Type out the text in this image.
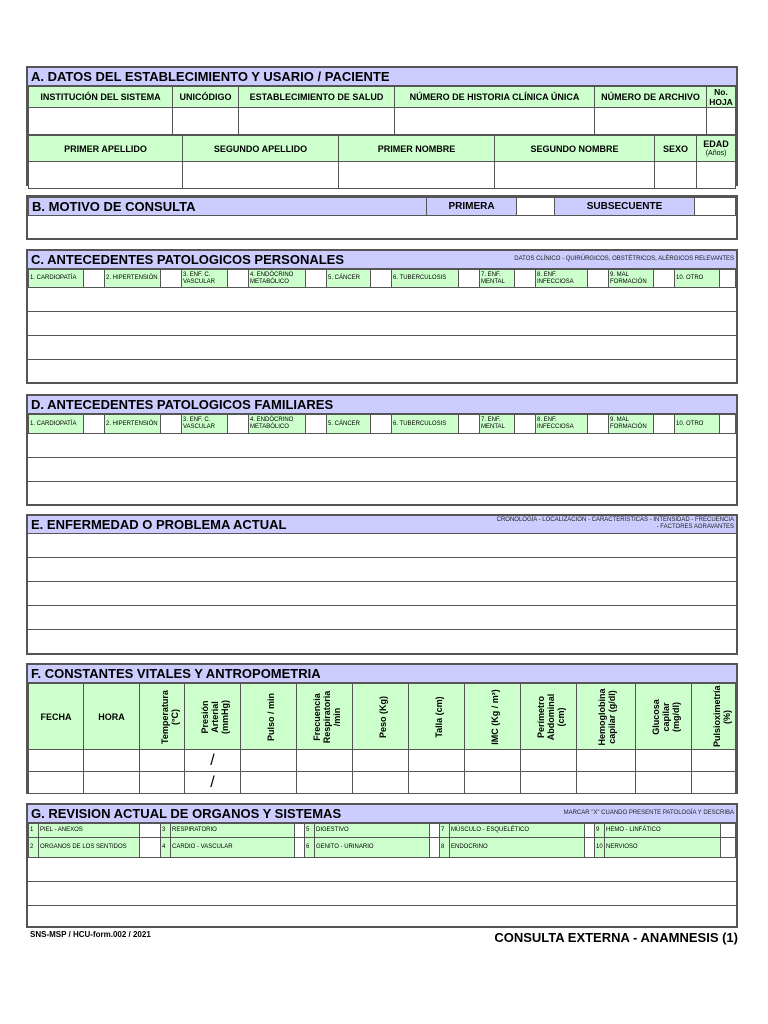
A. DATOS DEL ESTABLECIMIENTO Y USARIO / PACIENTE
INSTITUCIÓN DEL SISTEMA	UNICÓDIGO	ESTABLECIMIENTO DE SALUD	NÚMERO DE HISTORIA CLÍNICA ÚNICA	NÚMERO DE ARCHIVO	No. HOJA

PRIMER APELLIDO	SEGUNDO APELLIDO	PRIMER NOMBRE	SEGUNDO NOMBRE	SEXO	EDAD
(Años)

B. MOTIVO DE CONSULTA	PRIMERA		SUBSECUENTE	
C. ANTECEDENTES PATOLOGICOS PERSONALES	DATOS CLÍNICO - QUIRÚRGICOS, OBSTÉTRICOS, ALÉRGICOS RELEVANTES
1. CARDIOPATÍA		2. HIPERTENSIÓN		3. ENF. C. VASCULAR		4. ENDÓCRINO METABÓLICO		5. CÁNCER		6. TUBERCULOSIS		7. ENF. MENTAL		8. ENF. INFECCIOSA		9. MAL FORMACIÓN		10. OTRO	
D. ANTECEDENTES PATOLOGICOS FAMILIARES
1. CARDIOPATÍA		2. HIPERTENSIÓN		3. ENF. C. VASCULAR		4. ENDÓCRINO METABÓLICO		5. CÁNCER		6. TUBERCULOSIS		7. ENF. MENTAL		8. ENF. INFECCIOSA		9. MAL FORMACIÓN		10. OTRO	
E. ENFERMEDAD O PROBLEMA ACTUAL	CRONOLOGÍA - LOCALIZACIÓN - CARACTERÍSTICAS - INTENSIDAD - FRECUENCIA
- FACTORES AGRAVANTES
F. CONSTANTES VITALES Y ANTROPOMETRIA
FECHA	HORA	Temperatura (°C)	Presión Arterial (mmHg)	Pulso / min	Frecuencia Respiratoria /min	Peso (Kg)	Talla (cm)	IMC (Kg / m²)	Perímetro Abdominal (cm)	Hemoglobina capilar (g/dl)	Glucosa capilar (mg/dl)	Pulsioximetría (%)
			/									
			/									
G. REVISION ACTUAL DE ORGANOS Y SISTEMAS	MARCAR "X" CUANDO PRESENTE PATOLOGÍA Y DESCRIBA
1	PIEL - ANEXOS		3	RESPIRATORIO		5	DIGESTIVO		7	MÚSCULO - ESQUELÉTICO		9	HEMO - LINFÁTICO	
2	ORGANOS DE LOS SENTIDOS		4	CARDIO - VASCULAR		6	GENITO - URINARIO		8	ENDOCRINO		10	NERVIOSO	
SNS-MSP / HCU-form.002 / 2021	CONSULTA EXTERNA - ANAMNESIS (1)
